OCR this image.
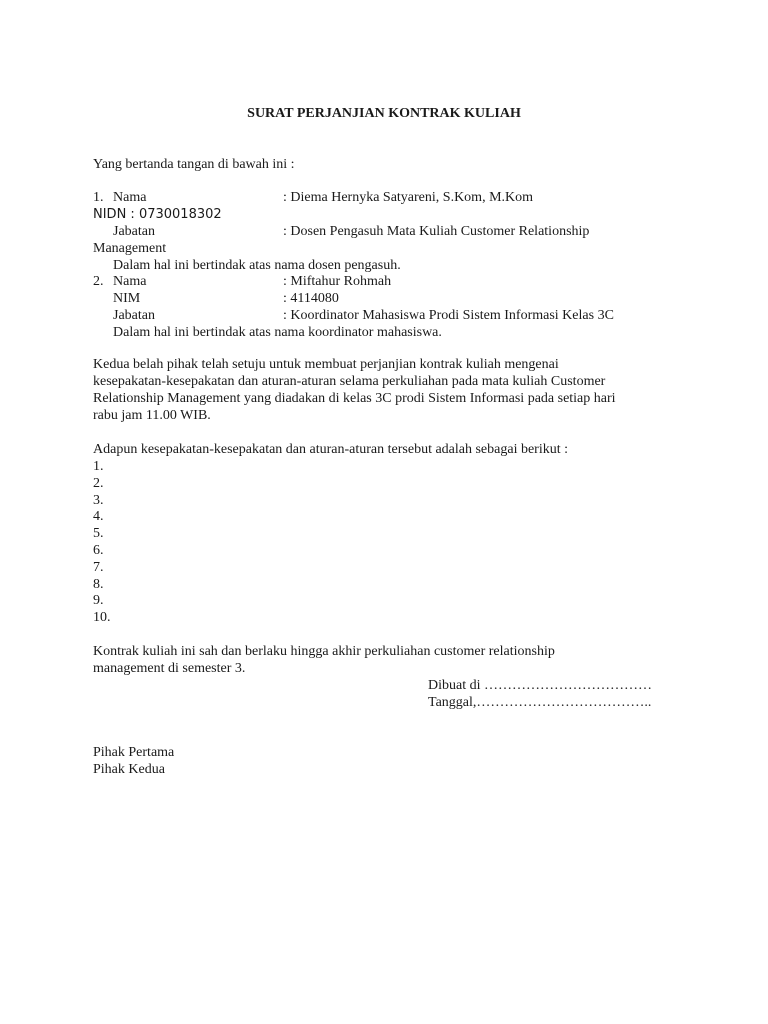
SURAT PERJANJIAN KONTRAK KULIAH
Yang bertanda tangan di bawah ini :
1. Nama	: Diema Hernyka Satyareni, S.Kom, M.Kom
NIDN : 0730018302
Jabatan	: Dosen Pengasuh Mata Kuliah Customer Relationship
Management
Dalam hal ini bertindak atas nama dosen pengasuh.
2. Nama	: Miftahur Rohmah
NIM	: 4114080
Jabatan	: Koordinator Mahasiswa Prodi Sistem Informasi Kelas 3C
Dalam hal ini bertindak atas nama koordinator mahasiswa.
Kedua belah pihak telah setuju untuk membuat perjanjian kontrak kuliah mengenai
kesepakatan-kesepakatan dan aturan-aturan selama perkuliahan pada mata kuliah Customer
Relationship Management yang diadakan di kelas 3C prodi Sistem Informasi pada setiap hari
rabu jam 11.00 WIB.
Adapun kesepakatan-kesepakatan dan aturan-aturan tersebut adalah sebagai berikut :
1.
2.
3.
4.
5.
6.
7.
8.
9.
10.
Kontrak kuliah ini sah dan berlaku hingga akhir perkuliahan customer relationship
management di semester 3.
Dibuat di ………………………………
Tanggal,………………………………..
Pihak Pertama
Pihak Kedua
